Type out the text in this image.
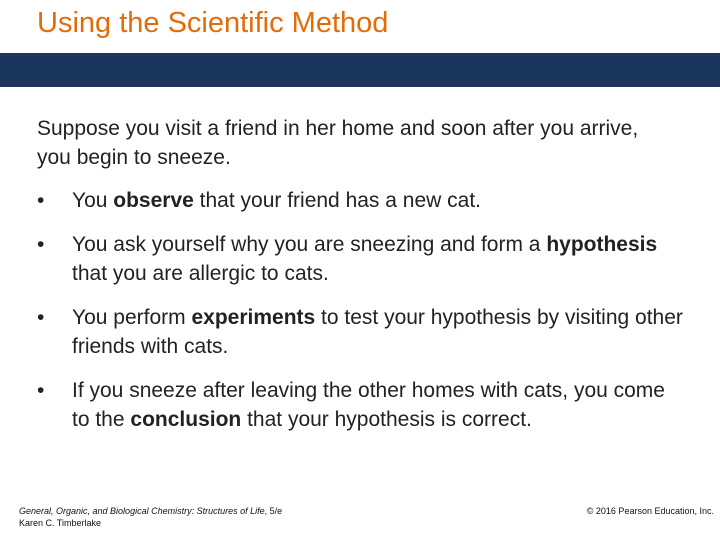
Using the Scientific Method
Suppose you visit a friend in her home and soon after you arrive, you begin to sneeze.
•	You observe that your friend has a new cat.
•	You ask yourself why you are sneezing and form a hypothesis that you are allergic to cats.
•	You perform experiments to test your hypothesis by visiting other friends with cats.
•	If you sneeze after leaving the other homes with cats, you come to the conclusion that your hypothesis is correct.
General, Organic, and Biological Chemistry: Structures of Life, 5/e
Karen C. Timberlake
© 2016 Pearson Education, Inc.
